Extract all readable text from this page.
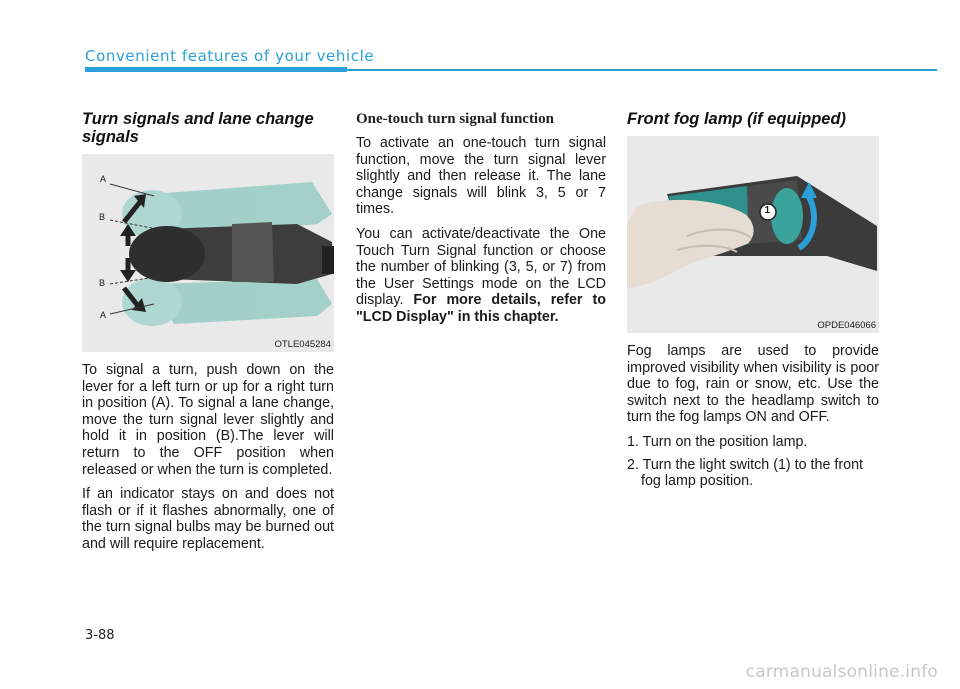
Convenient features of your vehicle
Turn signals and lane change signals
A
B
B
A
OTLE045284

To signal a turn, push down on the lever for a left turn or up for a right turn in position (A). To signal a lane change, move the turn signal lever slightly and hold it in position (B).The lever will return to the OFF position when released or when the turn is completed.

If an indicator stays on and does not flash or if it flashes abnormally, one of the turn signal bulbs may be burned out and will require replacement.

One-touch turn signal function

To activate an one-touch turn signal function, move the turn signal lever slightly and then release it. The lane change signals will blink 3, 5 or 7 times.

You can activate/deactivate the One Touch Turn Signal function or choose the number of blinking (3, 5, or 7) from the User Settings mode on the LCD display. For more details, refer to "LCD Display" in this chapter.

Front fog lamp (if equipped)
1
OPDE046066

Fog lamps are used to provide improved visibility when visibility is poor due to fog, rain or snow, etc. Use the switch next to the headlamp switch to turn the fog lamps ON and OFF.

1. Turn on the position lamp.
2. Turn the light switch (1) to the front fog lamp position.
3-88
carmanualsonline.info
